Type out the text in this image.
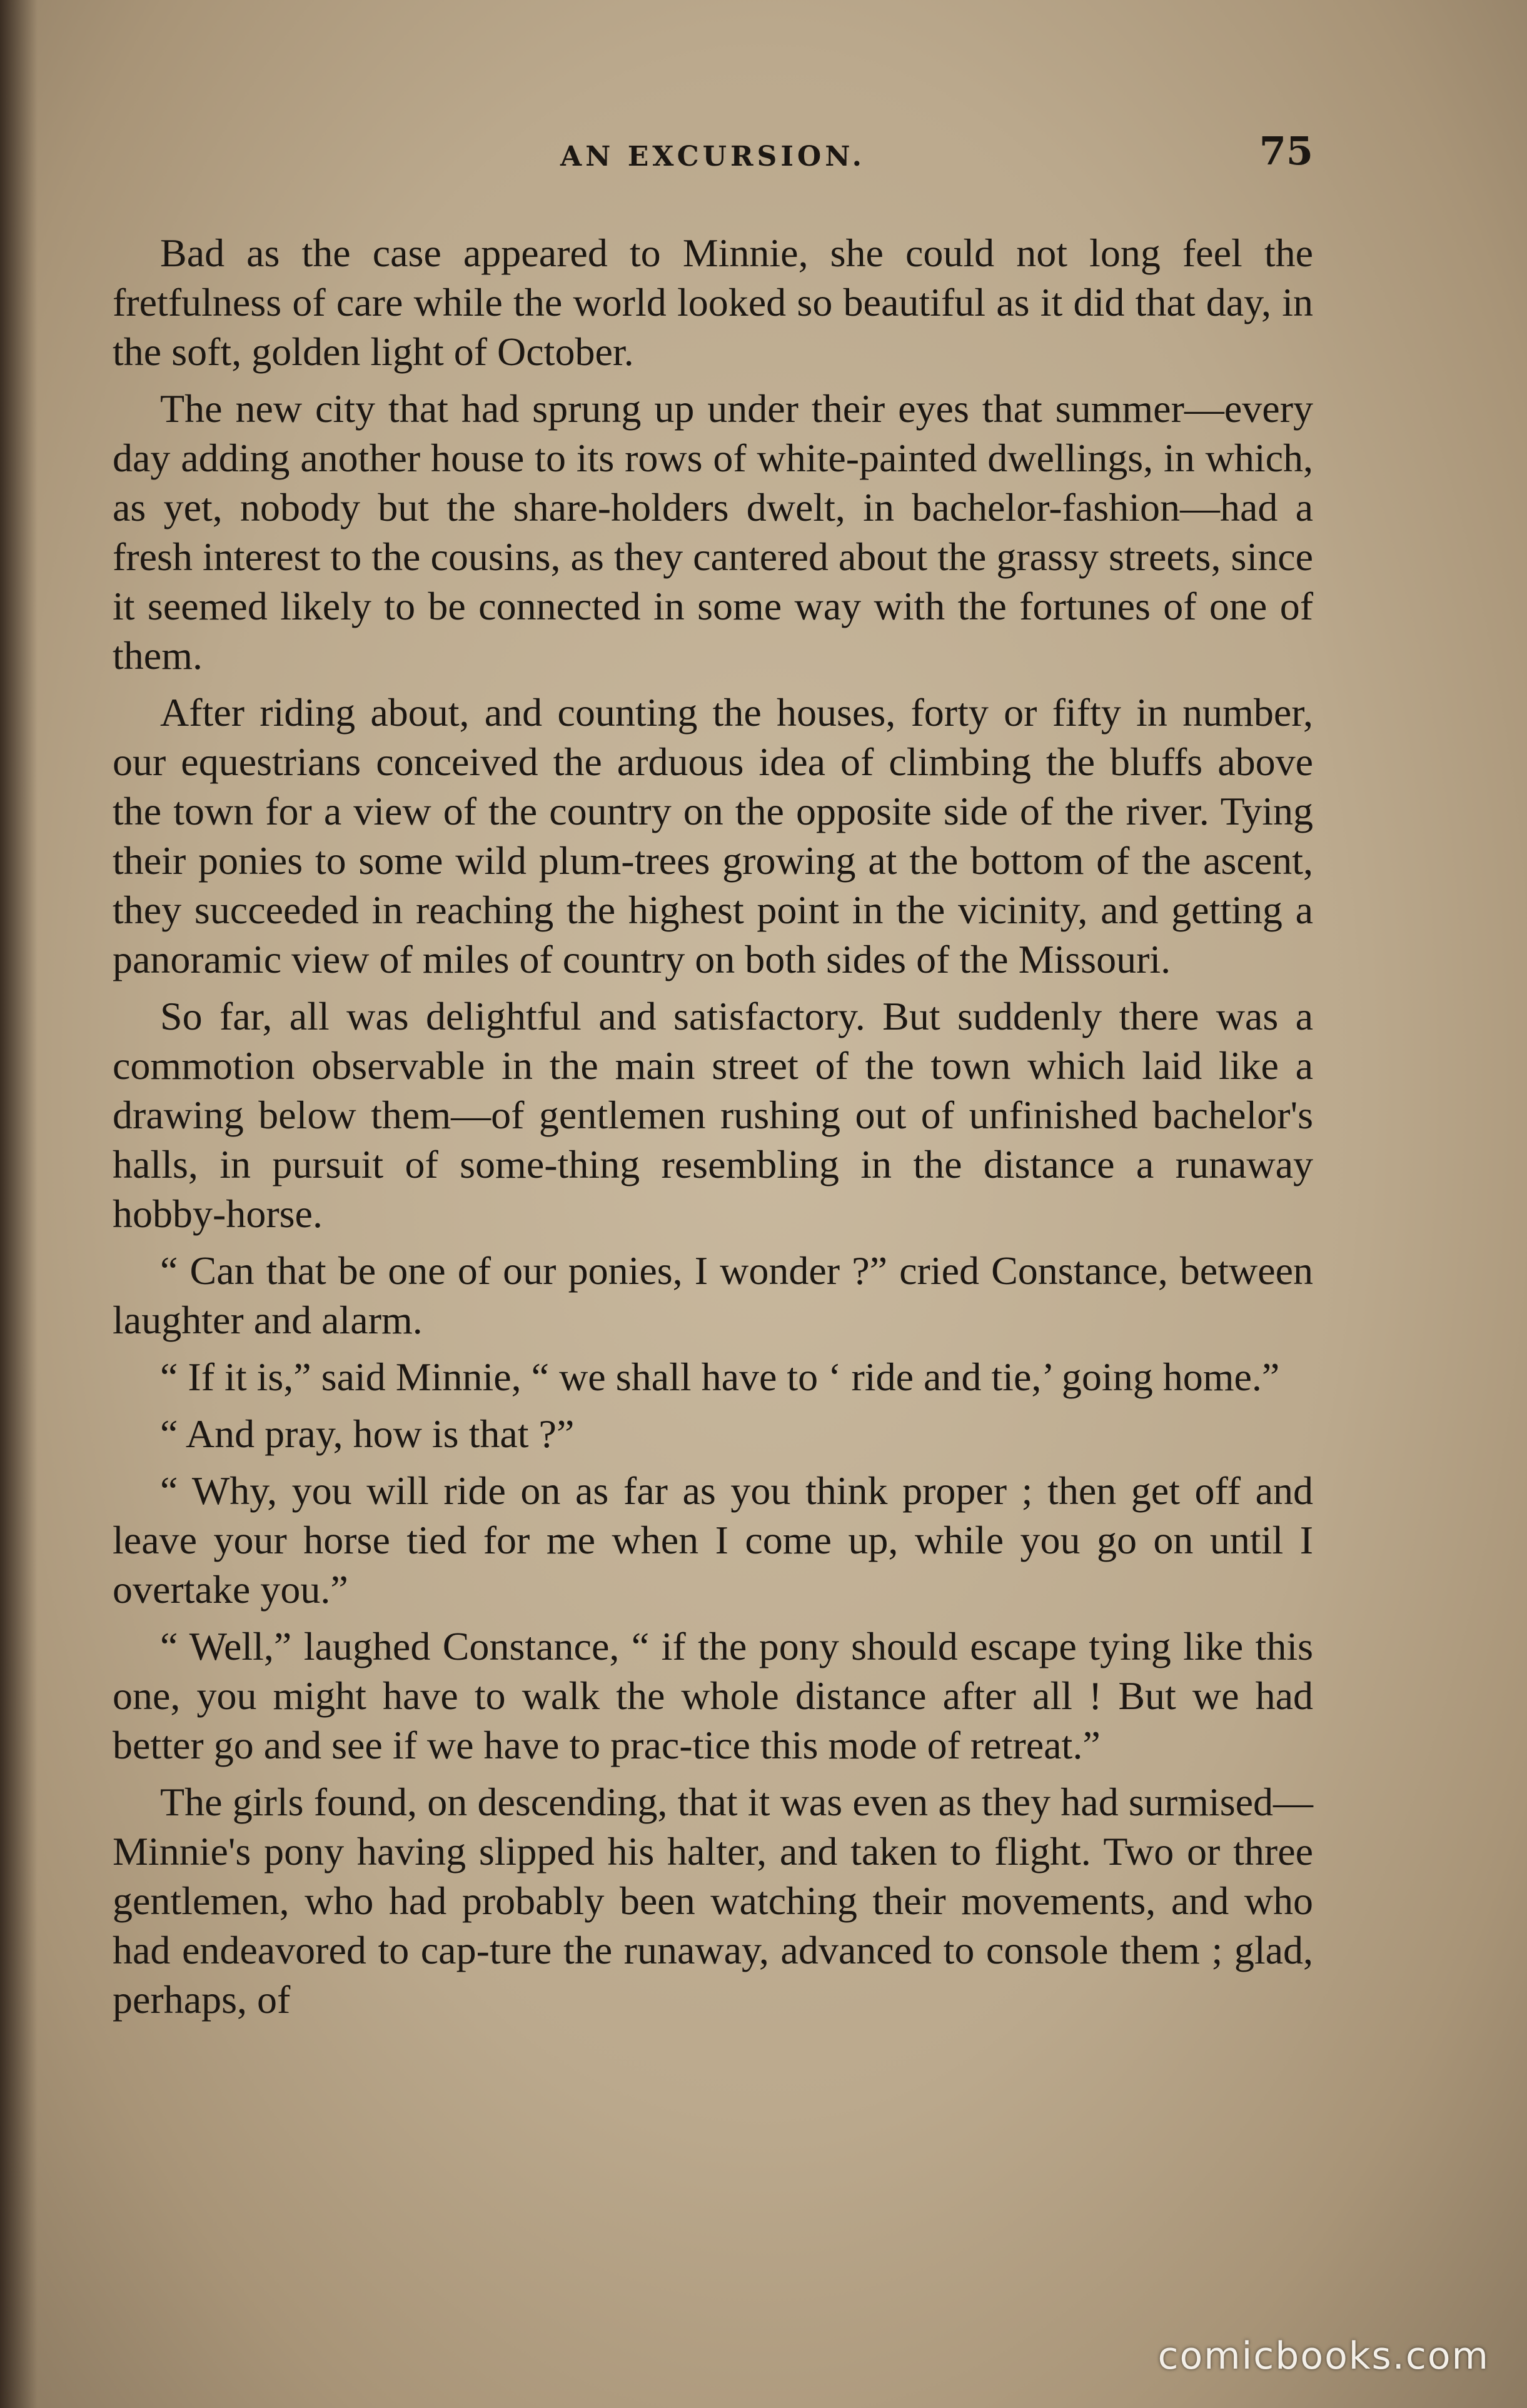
AN EXCURSION.	75

Bad as the case appeared to Minnie, she could not long feel the fretfulness of care while the world looked so beautiful as it did that day, in the soft, golden light of October.

The new city that had sprung up under their eyes that summer—every day adding another house to its rows of white-painted dwellings, in which, as yet, nobody but the share-holders dwelt, in bachelor-fashion—had a fresh interest to the cousins, as they cantered about the grassy streets, since it seemed likely to be connected in some way with the fortunes of one of them.

After riding about, and counting the houses, forty or fifty in number, our equestrians conceived the arduous idea of climbing the bluffs above the town for a view of the country on the opposite side of the river. Tying their ponies to some wild plum-trees growing at the bottom of the ascent, they succeeded in reaching the highest point in the vicinity, and getting a panoramic view of miles of country on both sides of the Missouri.

So far, all was delightful and satisfactory. But suddenly there was a commotion observable in the main street of the town which laid like a drawing below them—of gentlemen rushing out of unfinished bachelor's halls, in pursuit of some-thing resembling in the distance a runaway hobby-horse.

“ Can that be one of our ponies, I wonder ?” cried Constance, between laughter and alarm.

“ If it is,” said Minnie, “ we shall have to ‘ ride and tie,’ going home.”

“ And pray, how is that ?”

“ Why, you will ride on as far as you think proper ; then get off and leave your horse tied for me when I come up, while you go on until I overtake you.”

“ Well,” laughed Constance, “ if the pony should escape tying like this one, you might have to walk the whole distance after all ! But we had better go and see if we have to prac-tice this mode of retreat.”

The girls found, on descending, that it was even as they had surmised—Minnie's pony having slipped his halter, and taken to flight. Two or three gentlemen, who had probably been watching their movements, and who had endeavored to cap-ture the runaway, advanced to console them ; glad, perhaps, of

comicbooks.com
